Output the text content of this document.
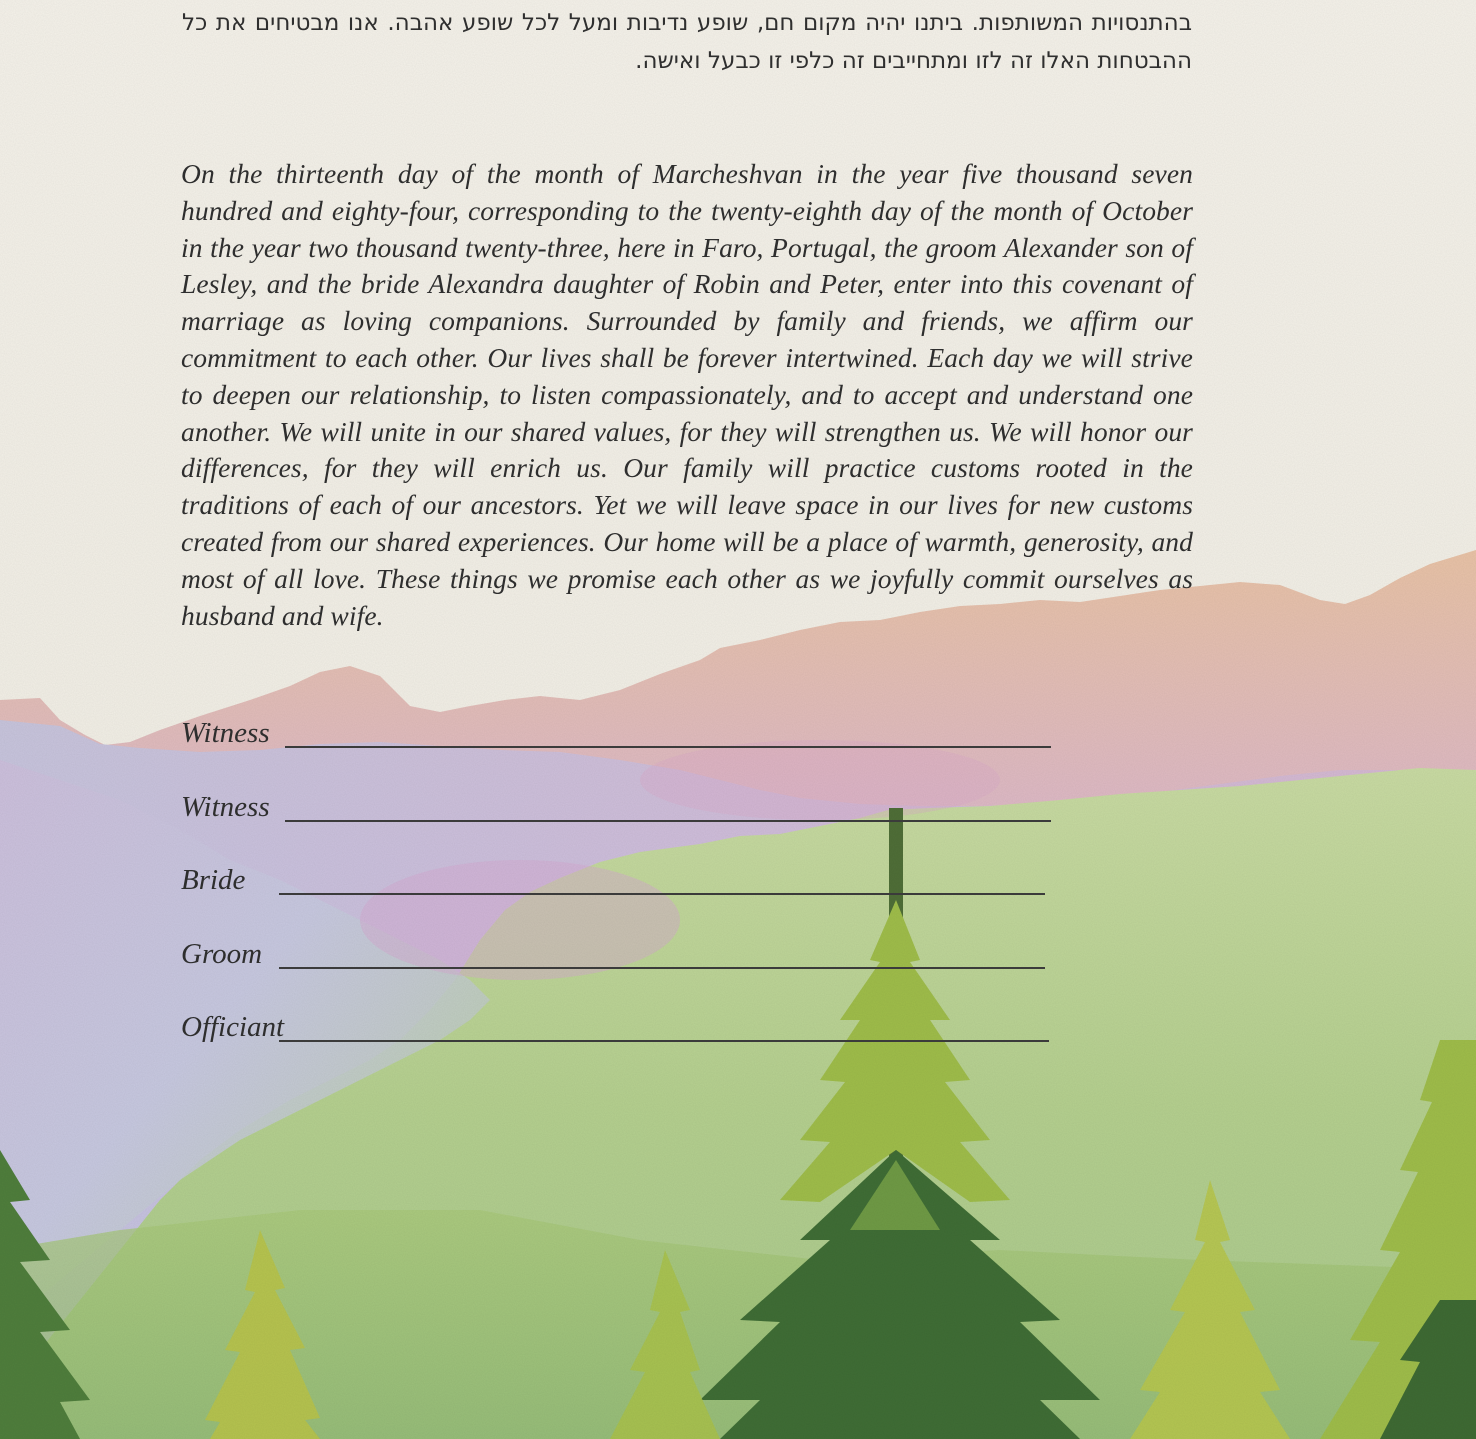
בהתנסויות המשותפות. ביתנו יהיה מקום חם, שופע נדיבות ומעל לכל שופע אהבה. אנו מבטיחים את כל ההבטחות האלו זה לזו ומתחייבים זה כלפי זו כבעל ואישה.

On the thirteenth day of the month of Marcheshvan in the year five thousand seven hundred and eighty-four, corresponding to the twenty-eighth day of the month of October in the year two thousand twenty-three, here in Faro, Portugal, the groom Alexander son of Lesley, and the bride Alexandra daughter of Robin and Peter, enter into this covenant of marriage as loving companions. Surrounded by family and friends, we affirm our commitment to each other. Our lives shall be forever intertwined. Each day we will strive to deepen our relationship, to listen compassionately, and to accept and understand one another. We will unite in our shared values, for they will strengthen us. We will honor our differences, for they will enrich us. Our family will practice customs rooted in the traditions of each of our ancestors. Yet we will leave space in our lives for new customs created from our shared experiences. Our home will be a place of warmth, generosity, and most of all love. These things we promise each other as we joyfully commit ourselves as husband and wife.

Witness
Witness
Bride
Groom
Officiant
